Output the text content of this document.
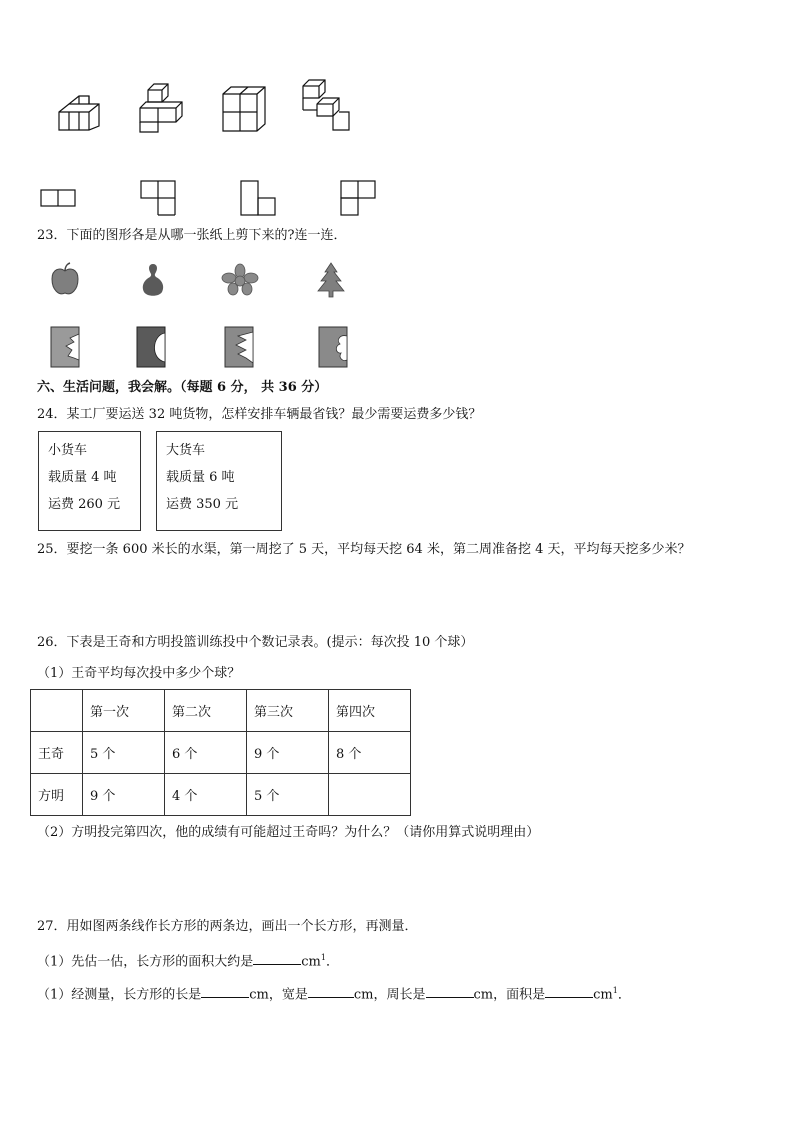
23．下面的图形各是从哪一张纸上剪下来的?连一连．
六、生活问题，我会解。（每题 6 分， 共 36 分）
24．某工厂要运送 32 吨货物，怎样安排车辆最省钱？最少需要运费多少钱？
小货车
载质量 4 吨
运费 260 元
大货车
载质量 6 吨
运费 350 元
25．要挖一条 600 米长的水渠，第一周挖了 5 天，平均每天挖 64 米，第二周准备挖 4 天，平均每天挖多少米？
26．下表是王奇和方明投篮训练投中个数记录表。(提示：每次投 10 个球）
（1）王奇平均每次投中多少个球？
	第一次	第二次	第三次	第四次
王奇	5 个	6 个	9 个	8 个
方明	9 个	4 个	5 个	
（2）方明投完第四次，他的成绩有可能超过王奇吗？为什么？（请你用算式说明理由）
27．用如图两条线作长方形的两条边，画出一个长方形，再测量．
（1）先估一估，长方形的面积大约是	$cm^1$．
（1）经测量，长方形的长是	cm，宽是	cm，周长是	cm，面积是	$cm^1$．
